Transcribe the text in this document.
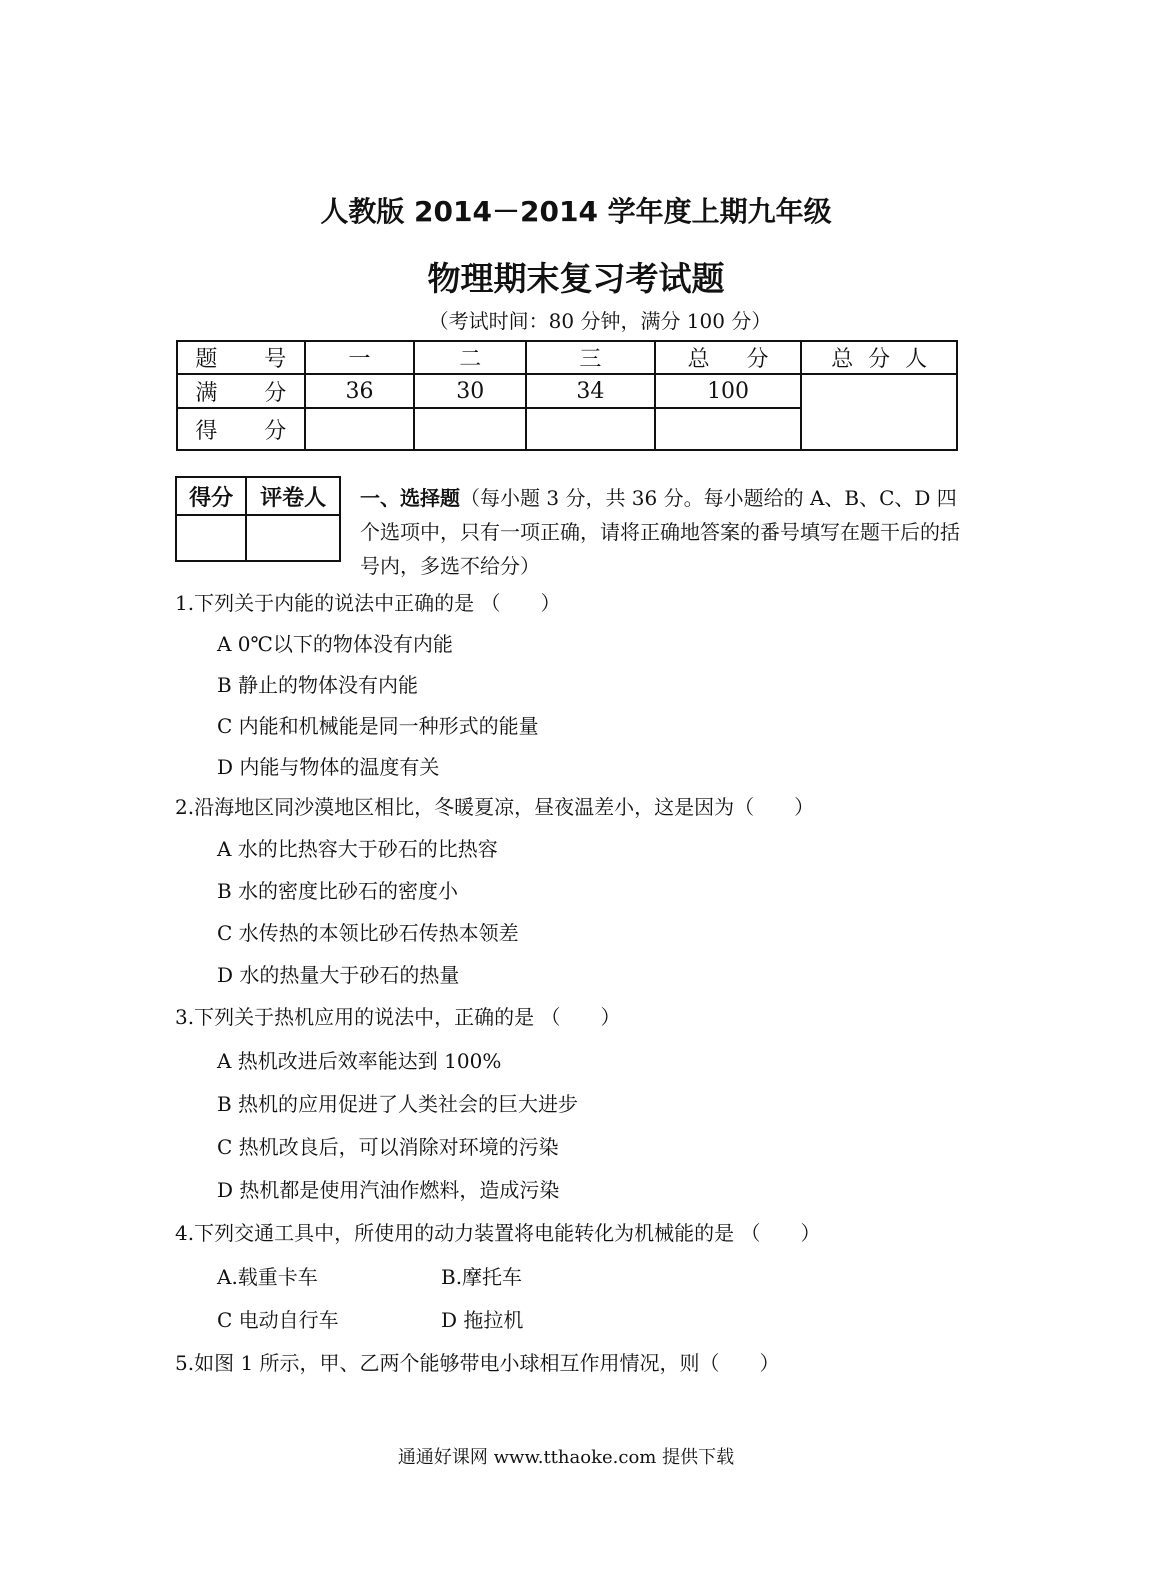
人教版 2014－2014 学年度上期九年级
物理期末复习考试题
（考试时间：80 分钟，满分 100 分）
题 号	一	二	三	总 分	总 分 人
满 分	36	30	34	100	
得 分					
得分	评卷人
	一、选择题（每小题 3 分，共 36 分。每小题给的 A、B、C、D 四个选项中，只有一项正确，请将正确地答案的番号填写在题干后的括号内，多选不给分）
1.下列关于内能的说法中正确的是 （　　）
A 0℃以下的物体没有内能
B 静止的物体没有内能
C 内能和机械能是同一种形式的能量
D 内能与物体的温度有关
2.沿海地区同沙漠地区相比，冬暖夏凉，昼夜温差小，这是因为（　　）
A 水的比热容大于砂石的比热容
B 水的密度比砂石的密度小
C 水传热的本领比砂石传热本领差
D 水的热量大于砂石的热量
3.下列关于热机应用的说法中，正确的是 （　　）
A 热机改进后效率能达到 100%
B 热机的应用促进了人类社会的巨大进步
C 热机改良后，可以消除对环境的污染
D 热机都是使用汽油作燃料，造成污染
4.下列交通工具中，所使用的动力装置将电能转化为机械能的是 （　　）
A.载重卡车	B.摩托车
C 电动自行车	D 拖拉机
5.如图 1 所示，甲、乙两个能够带电小球相互作用情况，则（　　）
通通好课网 www.tthaoke.com 提供下载
